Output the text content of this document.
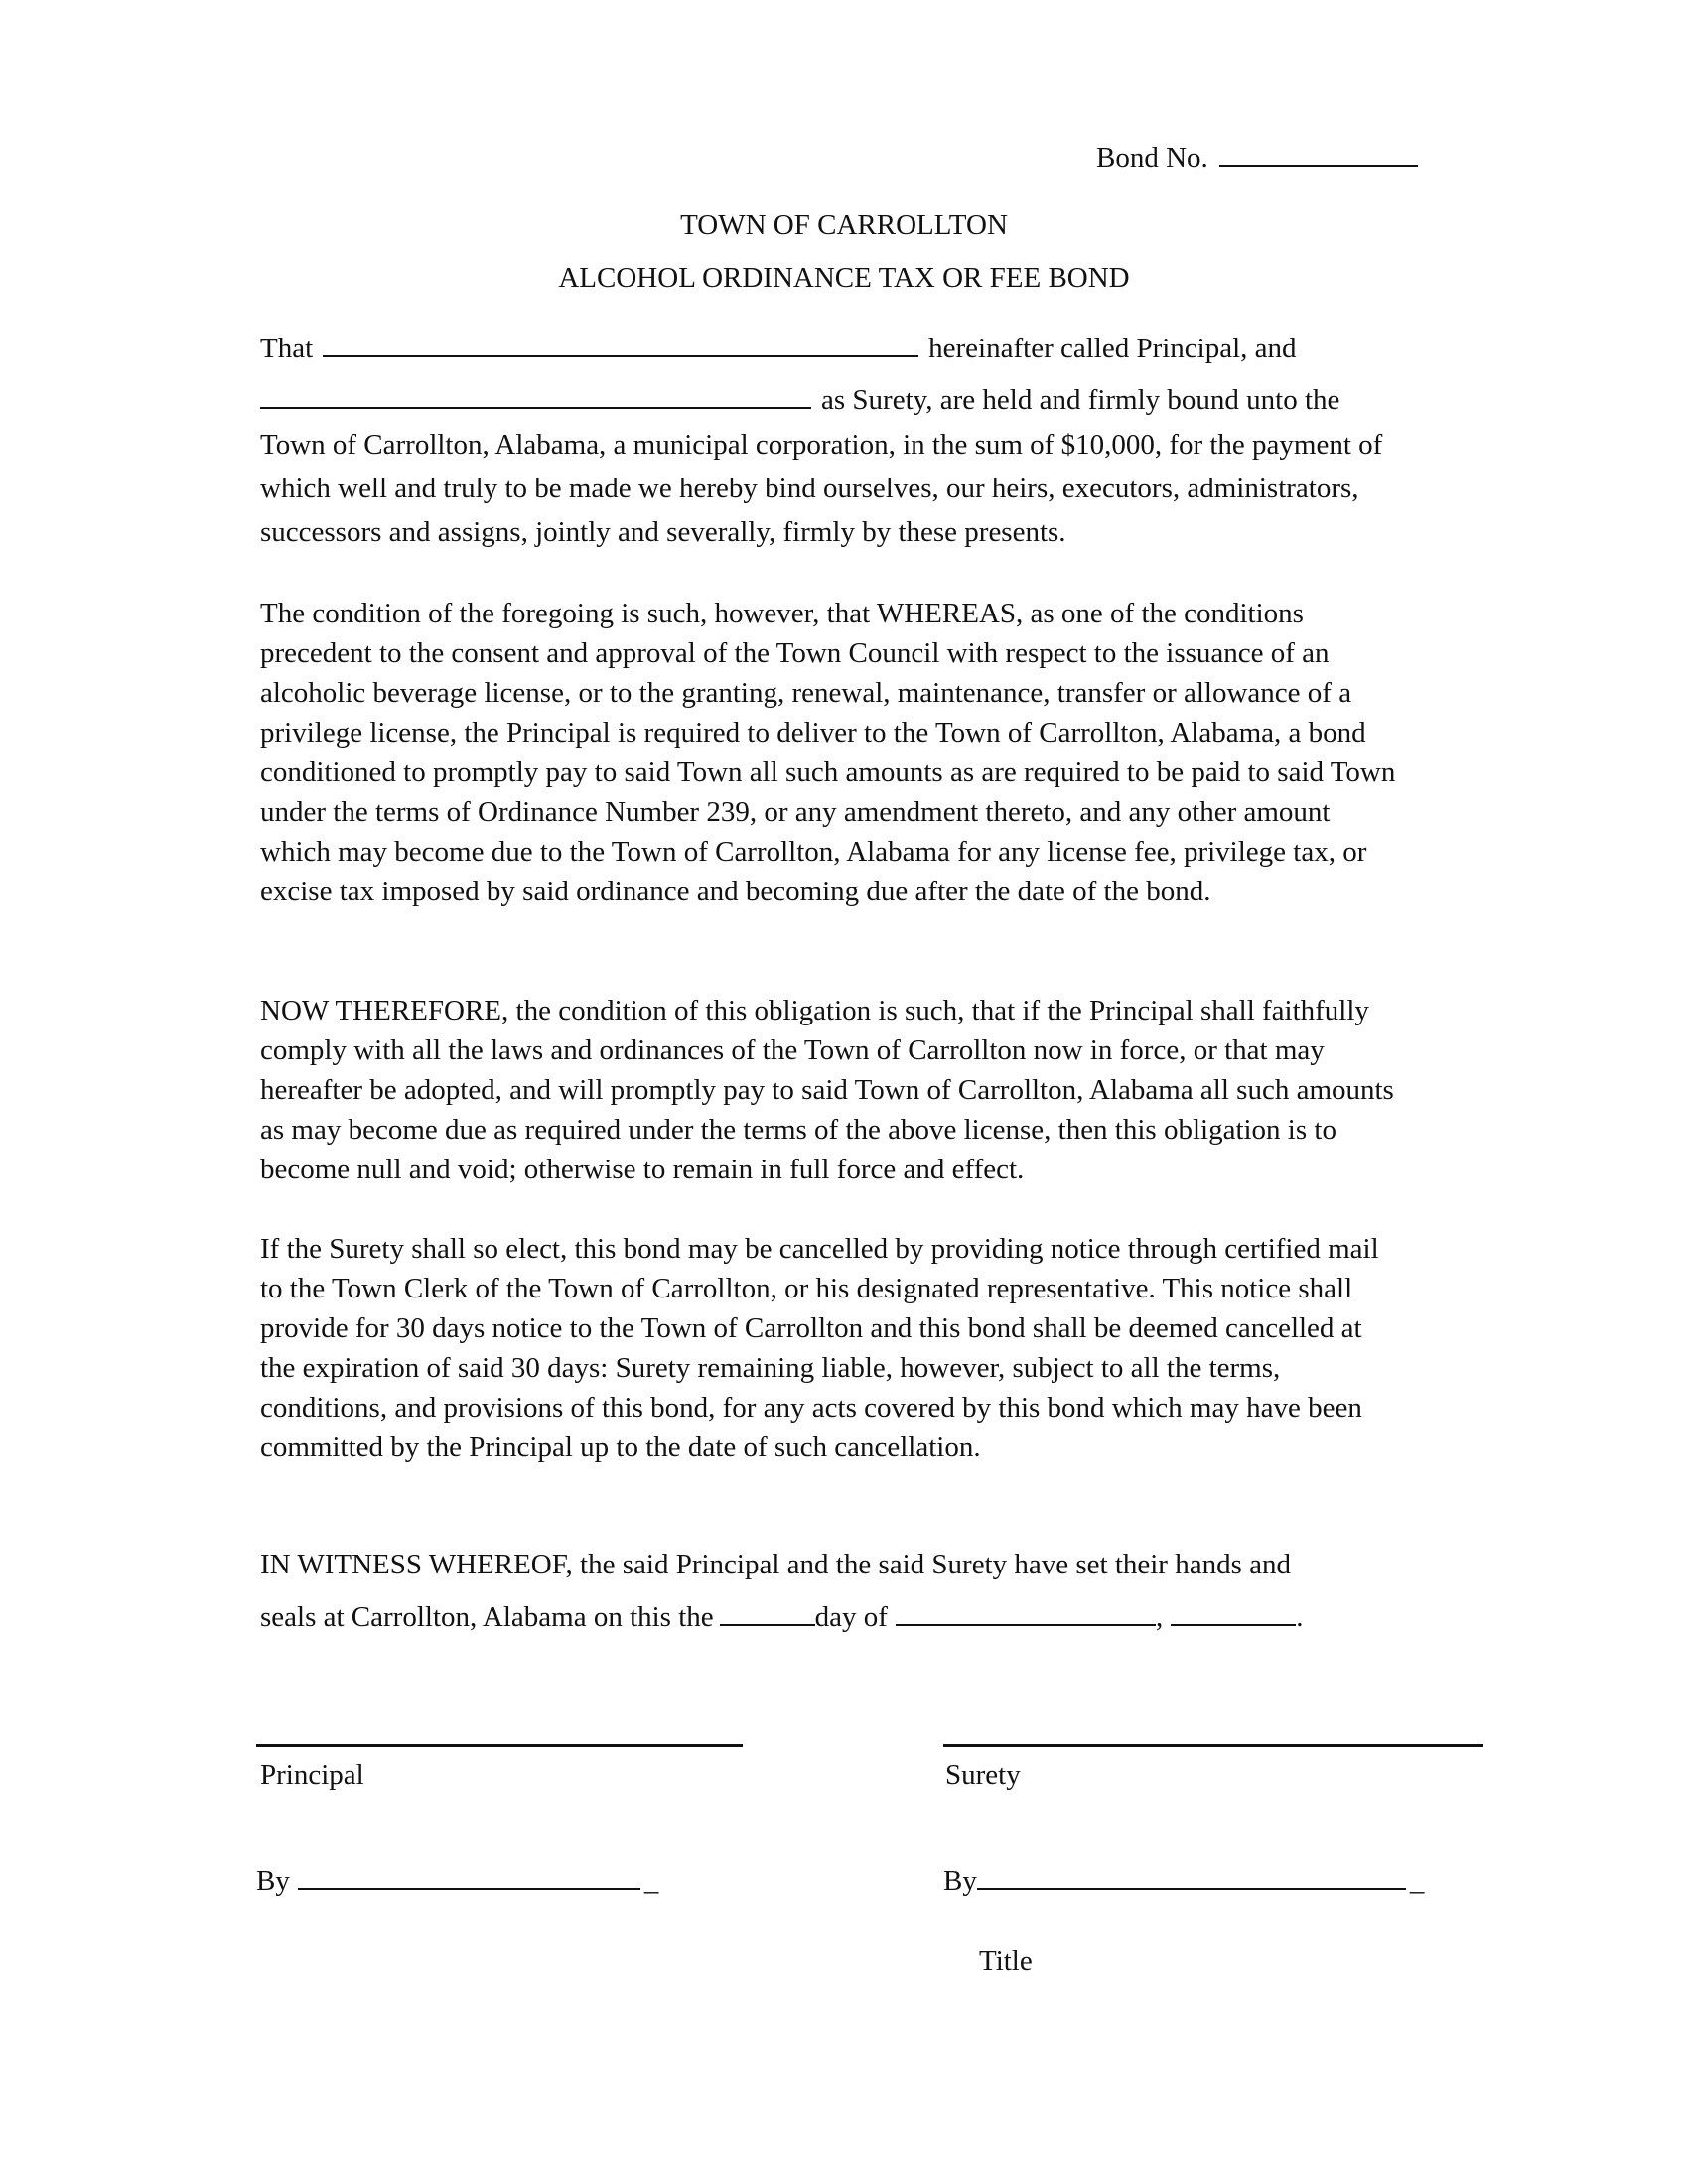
Bond No.
TOWN OF CARROLLTON
ALCOHOL ORDINANCE TAX OR FEE BOND
That	hereinafter called Principal, and
as Surety, are held and firmly bound unto the
Town of Carrollton, Alabama, a municipal corporation, in the sum of $10,000, for the payment of which well and truly to be made we hereby bind ourselves, our heirs, executors, administrators, successors and assigns, jointly and severally, firmly by these presents.
The condition of the foregoing is such, however, that WHEREAS, as one of the conditions precedent to the consent and approval of the Town Council with respect to the issuance of an alcoholic beverage license, or to the granting, renewal, maintenance, transfer or allowance of a privilege license, the Principal is required to deliver to the Town of Carrollton, Alabama, a bond conditioned to promptly pay to said Town all such amounts as are required to be paid to said Town under the terms of Ordinance Number 239, or any amendment thereto, and any other amount which may become due to the Town of Carrollton, Alabama for any license fee, privilege tax, or excise tax imposed by said ordinance and becoming due after the date of the bond.
NOW THEREFORE, the condition of this obligation is such, that if the Principal shall faithfully comply with all the laws and ordinances of the Town of Carrollton now in force, or that may hereafter be adopted, and will promptly pay to said Town of Carrollton, Alabama all such amounts as may become due as required under the terms of the above license, then this obligation is to become null and void; otherwise to remain in full force and effect.
If the Surety shall so elect, this bond may be cancelled by providing notice through certified mail to the Town Clerk of the Town of Carrollton, or his designated representative. This notice shall provide for 30 days notice to the Town of Carrollton and this bond shall be deemed cancelled at the expiration of said 30 days: Surety remaining liable, however, subject to all the terms, conditions, and provisions of this bond, for any acts covered by this bond which may have been committed by the Principal up to the date of such cancellation.
IN WITNESS WHEREOF, the said Principal and the said Surety have set their hands and
seals at Carrollton, Alabama on this the	day of	,	.
Principal	Surety
By	_	By	_
Title
